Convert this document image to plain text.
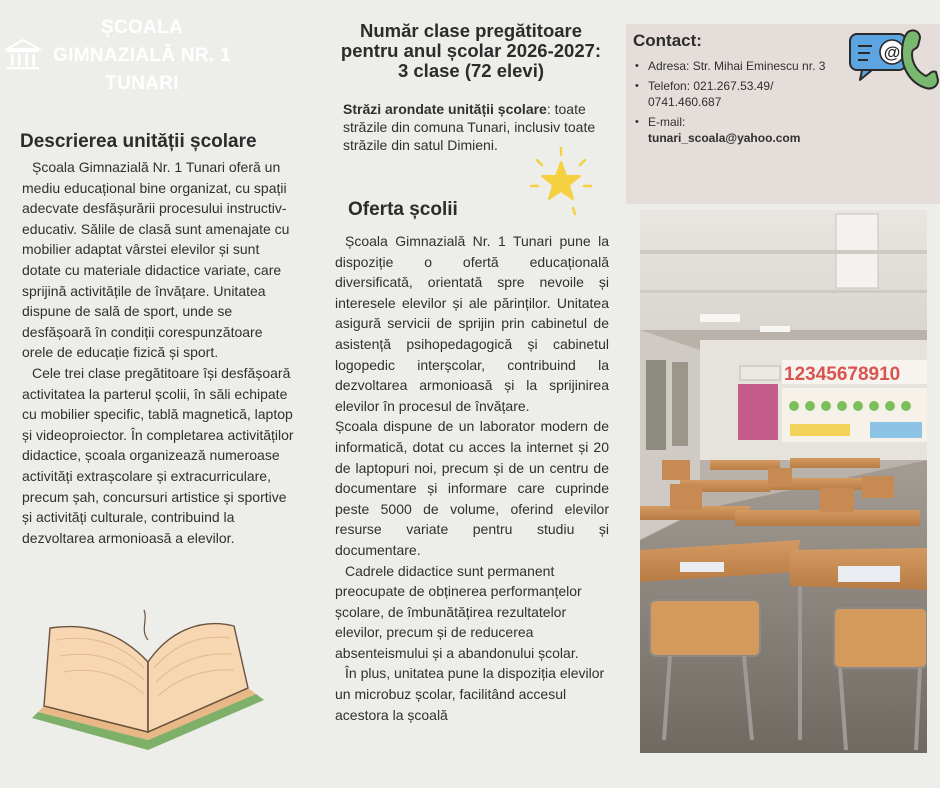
ȘCOALA GIMNAZIALĂ NR. 1 TUNARI
Descrierea unității școlare

Școala Gimnazială Nr. 1 Tunari oferă un mediu educațional bine organizat, cu spații adecvate desfășurării procesului instructiv-educativ. Sălile de clasă sunt amenajate cu mobilier adaptat vârstei elevilor și sunt dotate cu materiale didactice variate, care sprijină activitățile de învățare. Unitatea dispune de sală de sport, unde se desfășoară în condiții corespunzătoare orele de educație fizică și sport.

Cele trei clase pregătitoare își desfășoară activitatea la parterul școlii, în săli echipate cu mobilier specific, tablă magnetică, laptop și videoproiector. În completarea activităților didactice, școala organizează numeroase activități extrașcolare și extracurriculare, precum șah, concursuri artistice și sportive și activități culturale, contribuind la dezvoltarea armonioasă a elevilor.

Număr clase pregătitoare pentru anul școlar 2026-2027: 3 clase (72 elevi)
Străzi arondate unității școlare: toate străzile din comuna Tunari, inclusiv toate străzile din satul Dimieni.
Oferta școlii

Școala Gimnazială Nr. 1 Tunari pune la dispoziție o ofertă educațională diversificată, orientată spre nevoile și interesele elevilor și ale părinților. Unitatea asigură servicii de sprijin prin cabinetul de asistență psihopedagogică și cabinetul logopedic interșcolar, contribuind la dezvoltarea armonioasă și la sprijinirea elevilor în procesul de învățare.

Școala dispune de un laborator modern de informatică, dotat cu acces la internet și 20 de laptopuri noi, precum și de un centru de documentare și informare care cuprinde peste 5000 de volume, oferind elevilor resurse variate pentru studiu și documentare.

Cadrele didactice sunt permanent preocupate de obținerea performanțelor școlare, de îmbunătățirea rezultatelor elevilor, precum și de reducerea absenteismului și a abandonului școlar.

În plus, unitatea pune la dispoziția elevilor un microbuz școlar, facilitând accesul acestora la școală

Contact:
• Adresa: Str. Mihai Eminescu nr. 3
• Telefon: 021.267.53.49/ 0741.460.687
• E-mail:
tunari_scoala@yahoo.com
@
12345678910
